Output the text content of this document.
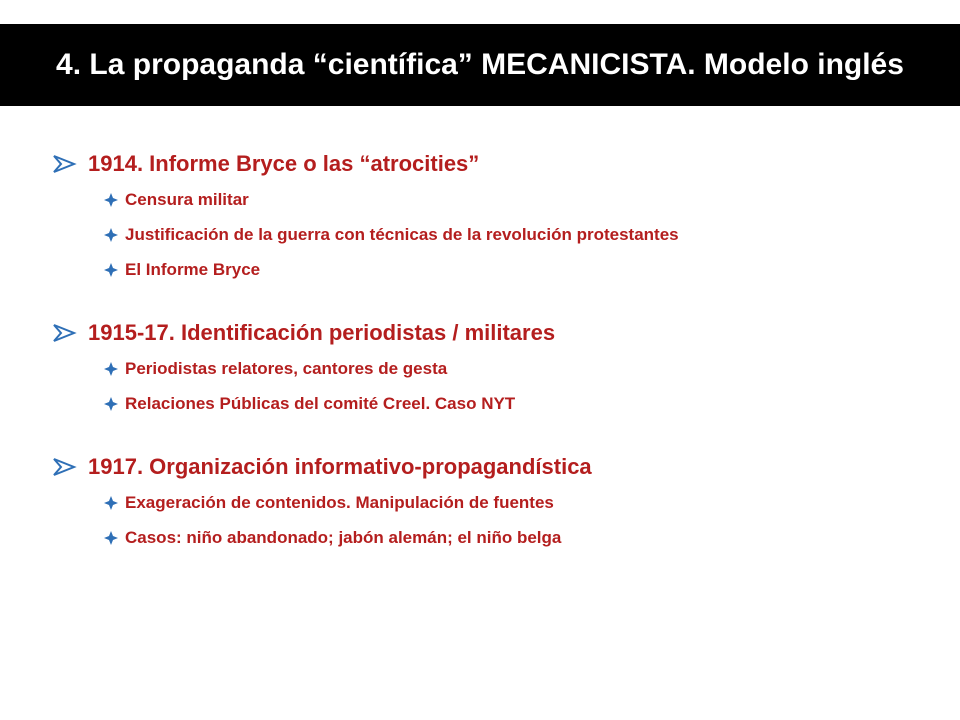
4. La propaganda “científica” MECANICISTA. Modelo inglés
1914. Informe Bryce o las “atrocities”
Censura militar
Justificación de la guerra con técnicas de la revolución protestantes
El Informe Bryce
1915-17. Identificación periodistas / militares
Periodistas relatores, cantores de gesta
Relaciones Públicas del comité Creel. Caso NYT
1917. Organización informativo-propagandística
Exageración de contenidos. Manipulación de fuentes
Casos: niño abandonado; jabón alemán; el niño belga
